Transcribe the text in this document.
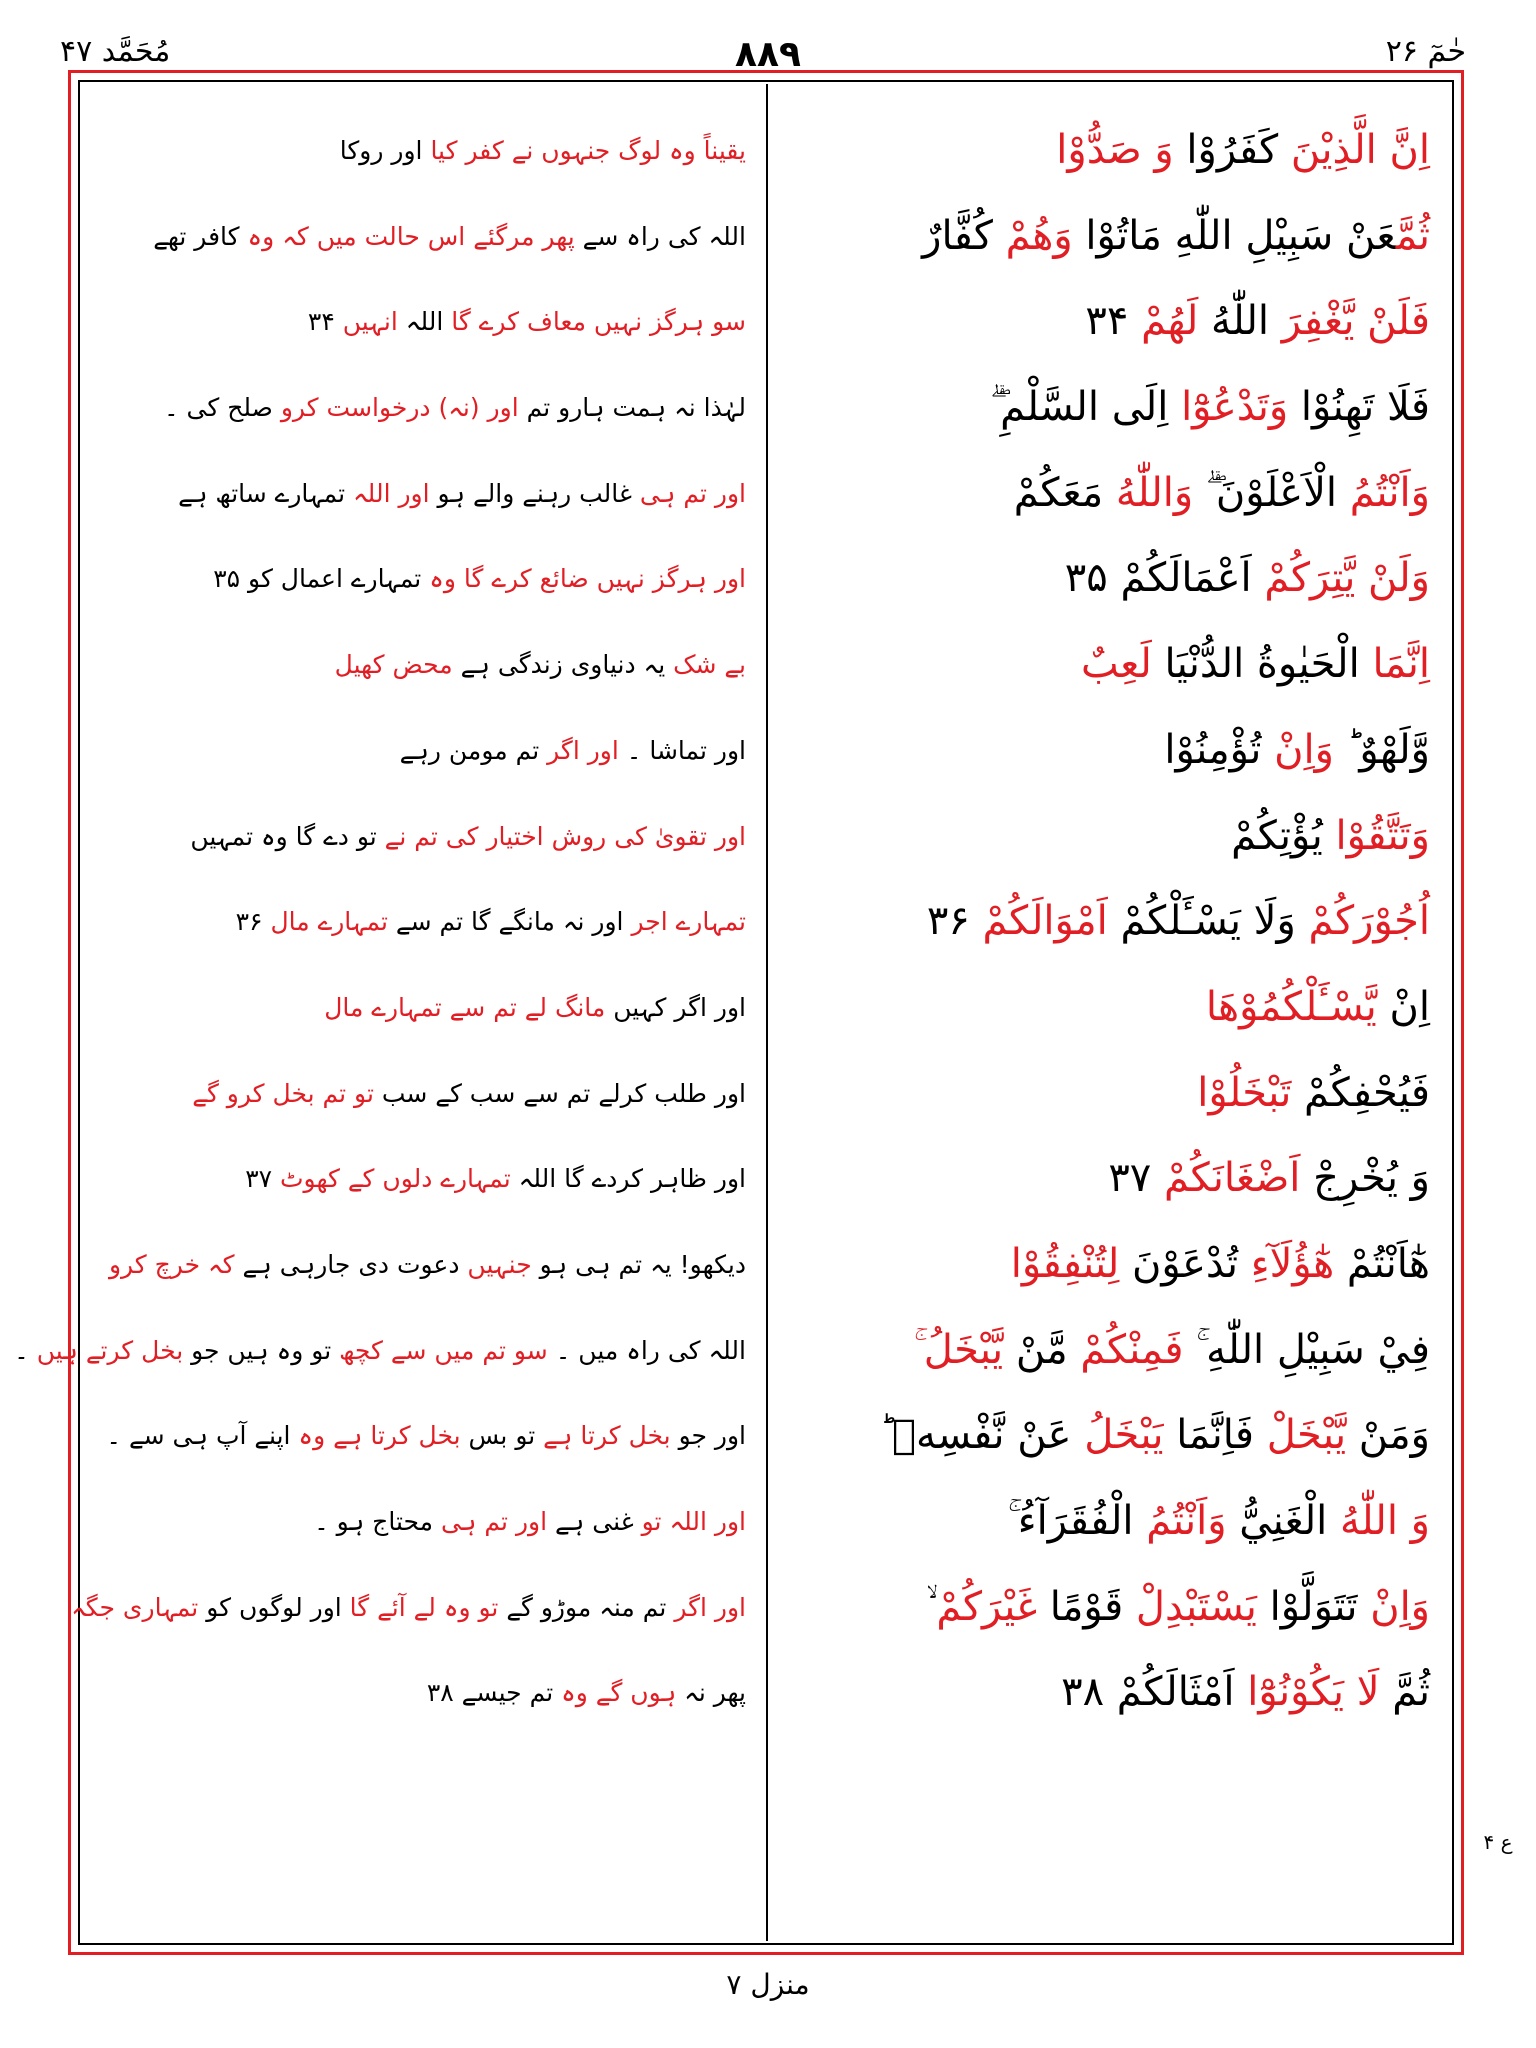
حٰمٓ ۲۶
۸۸۹
مُحَمَّد ۴۷
اِنَّ الَّذِيْنَ كَفَرُوْا وَ صَدُّوْا
ثُمَّعَنْ سَبِيْلِ اللّٰهِ مَاتُوْا وَهُمْ كُفَّارٌ
فَلَنْ يَّغْفِرَ اللّٰهُ لَهُمْ ۳۴
فَلَا تَهِنُوْا وَتَدْعُوْٓا اِلَى السَّلْمِ ۖۗ
وَاَنْتُمُ الْاَعْلَوْنَ ۖۗ وَاللّٰهُ مَعَكُمْ
وَلَنْ يَّتِرَكُمْ اَعْمَالَكُمْ ۳۵
اِنَّمَا الْحَيٰوةُ الدُّنْيَا لَعِبٌ
وَّلَهْوٌ ؕ وَاِنْ تُؤْمِنُوْا
وَتَتَّقُوْا يُؤْتِكُمْ
اُجُوْرَكُمْ وَلَا يَسْـَٔلْكُمْ اَمْوَالَكُمْ ۳۶
اِنْ يَّسْـَٔلْكُمُوْهَا
فَيُحْفِكُمْ تَبْخَلُوْا
وَ يُخْرِجْ اَضْغَانَكُمْ ۳۷
هٰٓاَنْتُمْ هٰٓؤُلَآءِ تُدْعَوْنَ لِتُنْفِقُوْا
فِيْ سَبِيْلِ اللّٰهِ ۚ فَمِنْكُمْ مَّنْ يَّبْخَلُ ۚ
وَمَنْ يَّبْخَلْ فَاِنَّمَا يَبْخَلُ عَنْ نَّفْسِهٖ ؕ
وَ اللّٰهُ الْغَنِيُّ وَاَنْتُمُ الْفُقَرَآءُ ۚ
وَاِنْ تَتَوَلَّوْا يَسْتَبْدِلْ قَوْمًا غَيْرَكُمْ ۙ
ثُمَّ لَا يَكُوْنُوْٓا اَمْثَالَكُمْ ۳۸
یقیناً وہ لوگ جنہوں نے کفر کیا اور روکا
اللہ کی راہ سے پھر مرگئے اس حالت میں کہ وہ کافر تھے
سو ہرگز نہیں معاف کرے گا اللہ انہیں ۳۴
لہٰذا نہ ہمت ہارو تم اور (نہ) درخواست کرو صلح کی ۔
اور تم ہی غالب رہنے والے ہو اور اللہ تمہارے ساتھ ہے
اور ہرگز نہیں ضائع کرے گا وہ تمہارے اعمال کو ۳۵
بے شک یہ دنیاوی زندگی ہے محض کھیل
اور تماشا ۔ اور اگر تم مومن رہے
اور تقویٰ کی روش اختیار کی تم نے تو دے گا وہ تمہیں
تمہارے اجر اور نہ مانگے گا تم سے تمہارے مال ۳۶
اور اگر کہیں مانگ لے تم سے تمہارے مال
اور طلب کرلے تم سے سب کے سب تو تم بخل کرو گے
اور ظاہر کردے گا اللہ تمہارے دلوں کے کھوٹ ۳۷
دیکھو! یہ تم ہی ہو جنہیں دعوت دی جارہی ہے کہ خرچ کرو
اللہ کی راہ میں ۔ سو تم میں سے کچھ تو وہ ہیں جو بخل کرتے ہیں ۔
اور جو بخل کرتا ہے تو بس بخل کرتا ہے وہ اپنے آپ ہی سے ۔
اور اللہ تو غنی ہے اور تم ہی محتاج ہو ۔
اور اگر تم منہ موڑو گے تو وہ لے آئے گا اور لوگوں کو تمہاری جگہ
پھر نہ ہوں گے وہ تم جیسے ۳۸
ع ۴
منزل ۷
